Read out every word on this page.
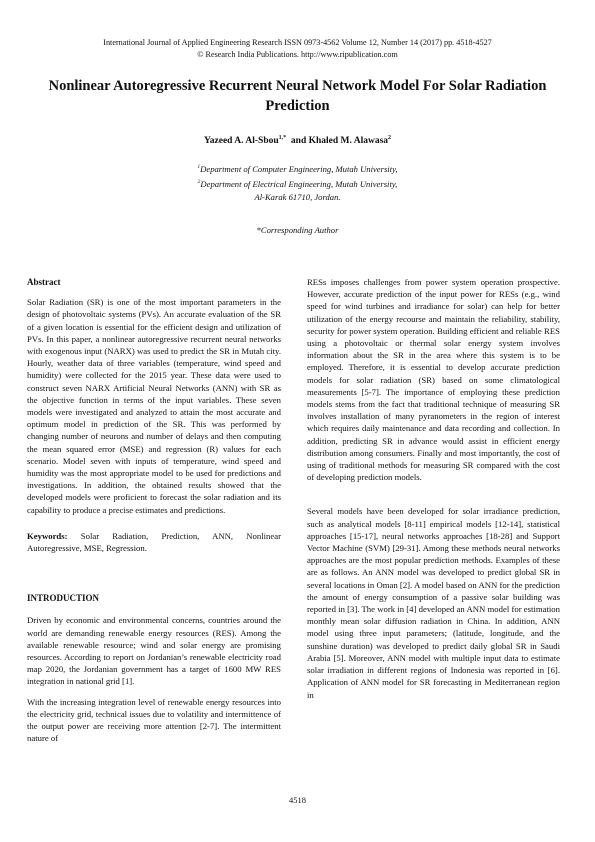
International Journal of Applied Engineering Research ISSN 0973-4562 Volume 12, Number 14 (2017) pp. 4518-4527
© Research India Publications. http://www.ripublication.com
Nonlinear Autoregressive Recurrent Neural Network Model For Solar Radiation Prediction
Yazeed A. Al-Sbou$^{1,*}$ and Khaled M. Alawasa$^2$
$^1$Department of Computer Engineering, Mutah University,
$^2$Department of Electrical Engineering, Mutah University,
Al-Karak 61710, Jordan.
*Corresponding Author
Abstract

Solar Radiation (SR) is one of the most important parameters in the design of photovoltaic systems (PVs). An accurate evaluation of the SR of a given location is essential for the efficient design and utilization of PVs. In this paper, a nonlinear autoregressive recurrent neural networks with exogenous input (NARX) was used to predict the SR in Mutah city. Hourly, weather data of three variables (temperature, wind speed and humidity) were collected for the 2015 year. These data were used to construct seven NARX Artificial Neural Networks (ANN) with SR as the objective function in terms of the input variables. These seven models were investigated and analyzed to attain the most accurate and optimum model in prediction of the SR. This was performed by changing number of neurons and number of delays and then computing the mean squared error (MSE) and regression (R) values for each scenario. Model seven with inputs of temperature, wind speed and humidity was the most appropriate model to be used for predictions and investigations. In addition, the obtained results showed that the developed models were proficient to forecast the solar radiation and its capability to produce a precise estimates and predictions.

Keywords: Solar Radiation, Prediction, ANN, Nonlinear Autoregressive, MSE, Regression.

INTRODUCTION

Driven by economic and environmental concerns, countries around the world are demanding renewable energy resources (RES). Among the available renewable resource; wind and solar energy are promising resources. According to report on Jordanian’s renewable electricity road map 2020, the Jordanian government has a target of 1600 MW RES integration in national grid [1].

With the increasing integration level of renewable energy resources into the electricity grid, technical issues due to volatility and intermittence of the output power are receiving more attention [2-7]. The intermittent nature of

RESs imposes challenges from power system operation prospective. However, accurate prediction of the input power for RESs (e.g., wind speed for wind turbines and irradiance for solar) can help for better utilization of the energy recourse and maintain the reliability, stability, security for power system operation. Building efficient and reliable RES using a photovoltaic or thermal solar energy system involves information about the SR in the area where this system is to be employed. Therefore, it is essential to develop accurate prediction models for solar radiation (SR) based on some climatological measurements [5-7]. The importance of employing these prediction models stems from the fact that traditional technique of measuring SR involves installation of many pyranometers in the region of interest which requires daily maintenance and data recording and collection. In addition, predicting SR in advance would assist in efficient energy distribution among consumers. Finally and most importantly, the cost of using of traditional methods for measuring SR compared with the cost of developing prediction models.

Several models have been developed for solar irradiance prediction, such as analytical models [8-11] empirical models [12-14], statistical approaches [15-17], neural networks approaches [18-28] and Support Vector Machine (SVM) [29-31]. Among these methods neural networks approaches are the most popular prediction methods. Examples of these are as follows. An ANN model was developed to predict global SR in several locations in Oman [2]. A model based on ANN for the prediction the amount of energy consumption of a passive solar building was reported in [3]. The work in [4] developed an ANN model for estimation monthly mean solar diffusion radiation in China. In addition, ANN model using three input parameters; (latitude, longitude, and the sunshine duration) was developed to predict daily global SR in Saudi Arabia [5]. Moreover, ANN model with multiple input data to estimate solar irradiation in different regions of Indonesia was reported in [6]. Application of ANN model for SR forecasting in Mediterranean region in

4518
